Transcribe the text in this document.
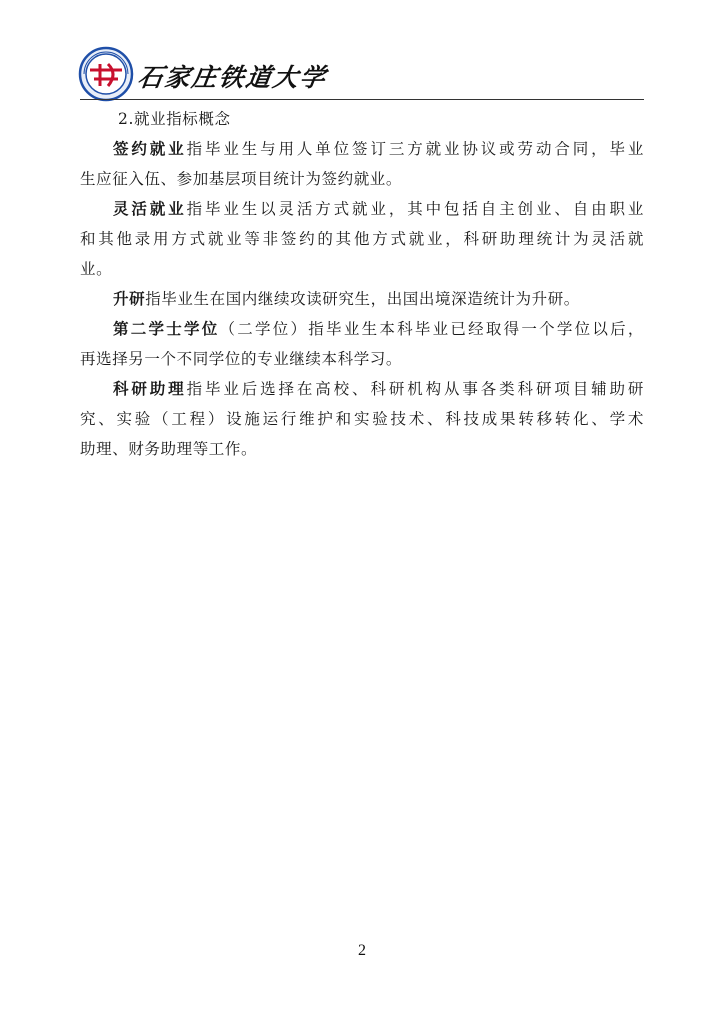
石家庄铁道大学
2.就业指标概念
签约就业指毕业生与用人单位签订三方就业协议或劳动合同，毕业
生应征入伍、参加基层项目统计为签约就业。
灵活就业指毕业生以灵活方式就业，其中包括自主创业、自由职业
和其他录用方式就业等非签约的其他方式就业，科研助理统计为灵活就
业。
升研指毕业生在国内继续攻读研究生，出国出境深造统计为升研。
第二学士学位（二学位）指毕业生本科毕业已经取得一个学位以后，
再选择另一个不同学位的专业继续本科学习。
科研助理指毕业后选择在高校、科研机构从事各类科研项目辅助研
究、实验（工程）设施运行维护和实验技术、科技成果转移转化、学术
助理、财务助理等工作。
2
